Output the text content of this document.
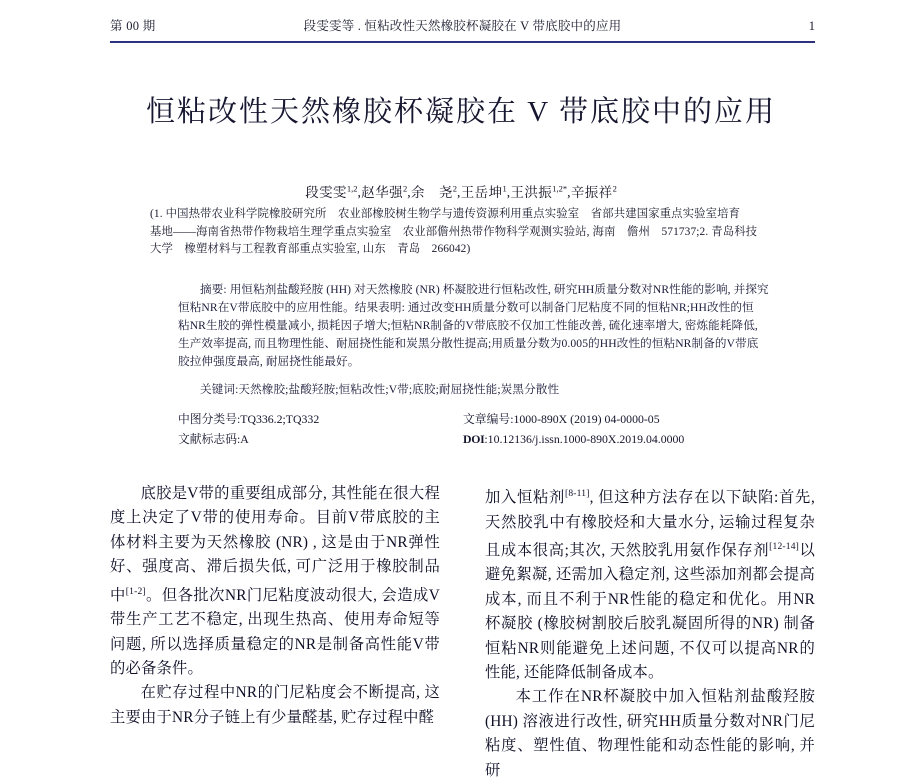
第 00 期	段雯雯等 . 恒粘改性天然橡胶杯凝胶在 V 带底胶中的应用	1
恒粘改性天然橡胶杯凝胶在 V 带底胶中的应用
段雯雯$^{1,2}$,赵华强$^2$,余　尧$^2$,王岳坤$^1$,王洪振$^{1,2*}$,辛振祥$^2$
(1. 中国热带农业科学院橡胶研究所　农业部橡胶树生物学与遗传资源利用重点实验室　省部共建国家重点实验室培育
基地——海南省热带作物栽培生理学重点实验室　农业部儋州热带作物科学观测实验站, 海南　儋州　571737;2. 青岛科技
大学　橡塑材料与工程教育部重点实验室, 山东　青岛　266042)
摘要: 用恒粘剂盐酸羟胺 (HH) 对天然橡胶 (NR) 杯凝胶进行恒粘改性, 研究HH质量分数对NR性能的影响, 并探究
恒粘NR在V带底胶中的应用性能。结果表明: 通过改变HH质量分数可以制备门尼粘度不同的恒粘NR;HH改性的恒
粘NR生胶的弹性模量减小, 损耗因子增大;恒粘NR制备的V带底胶不仅加工性能改善, 硫化速率增大, 密炼能耗降低,
生产效率提高, 而且物理性能、耐屈挠性能和炭黑分散性提高;用质量分数为0.005的HH改性的恒粘NR制备的V带底
胶拉伸强度最高, 耐屈挠性能最好。
关键词:天然橡胶;盐酸羟胺;恒粘改性;V带;底胶;耐屈挠性能;炭黑分散性
中图分类号:TQ336.2;TQ332	文章编号:1000-890X (2019) 04-0000-05
文献标志码:A	DOI:10.12136/j.issn.1000-890X.2019.04.0000

底胶是V带的重要组成部分, 其性能在很大程度上决定了V带的使用寿命。目前V带底胶的主体材料主要为天然橡胶 (NR) , 这是由于NR弹性好、强度高、滞后损失低, 可广泛用于橡胶制品中[1-2]。但各批次NR门尼粘度波动很大, 会造成V带生产工艺不稳定, 出现生热高、使用寿命短等问题, 所以选择质量稳定的NR是制备高性能V带的必备条件。

在贮存过程中NR的门尼粘度会不断提高, 这主要由于NR分子链上有少量醛基, 贮存过程中醛

加入恒粘剂[8-11], 但这种方法存在以下缺陷:首先, 天然胶乳中有橡胶烃和大量水分, 运输过程复杂且成本很高;其次, 天然胶乳用氨作保存剂[12-14]以避免絮凝, 还需加入稳定剂, 这些添加剂都会提高成本, 而且不利于NR性能的稳定和优化。用NR杯凝胶 (橡胶树割胶后胶乳凝固所得的NR) 制备恒粘NR则能避免上述问题, 不仅可以提高NR的性能, 还能降低制备成本。

本工作在NR杯凝胶中加入恒粘剂盐酸羟胺 (HH) 溶液进行改性, 研究HH质量分数对NR门尼粘度、塑性值、物理性能和动态性能的影响, 并研
